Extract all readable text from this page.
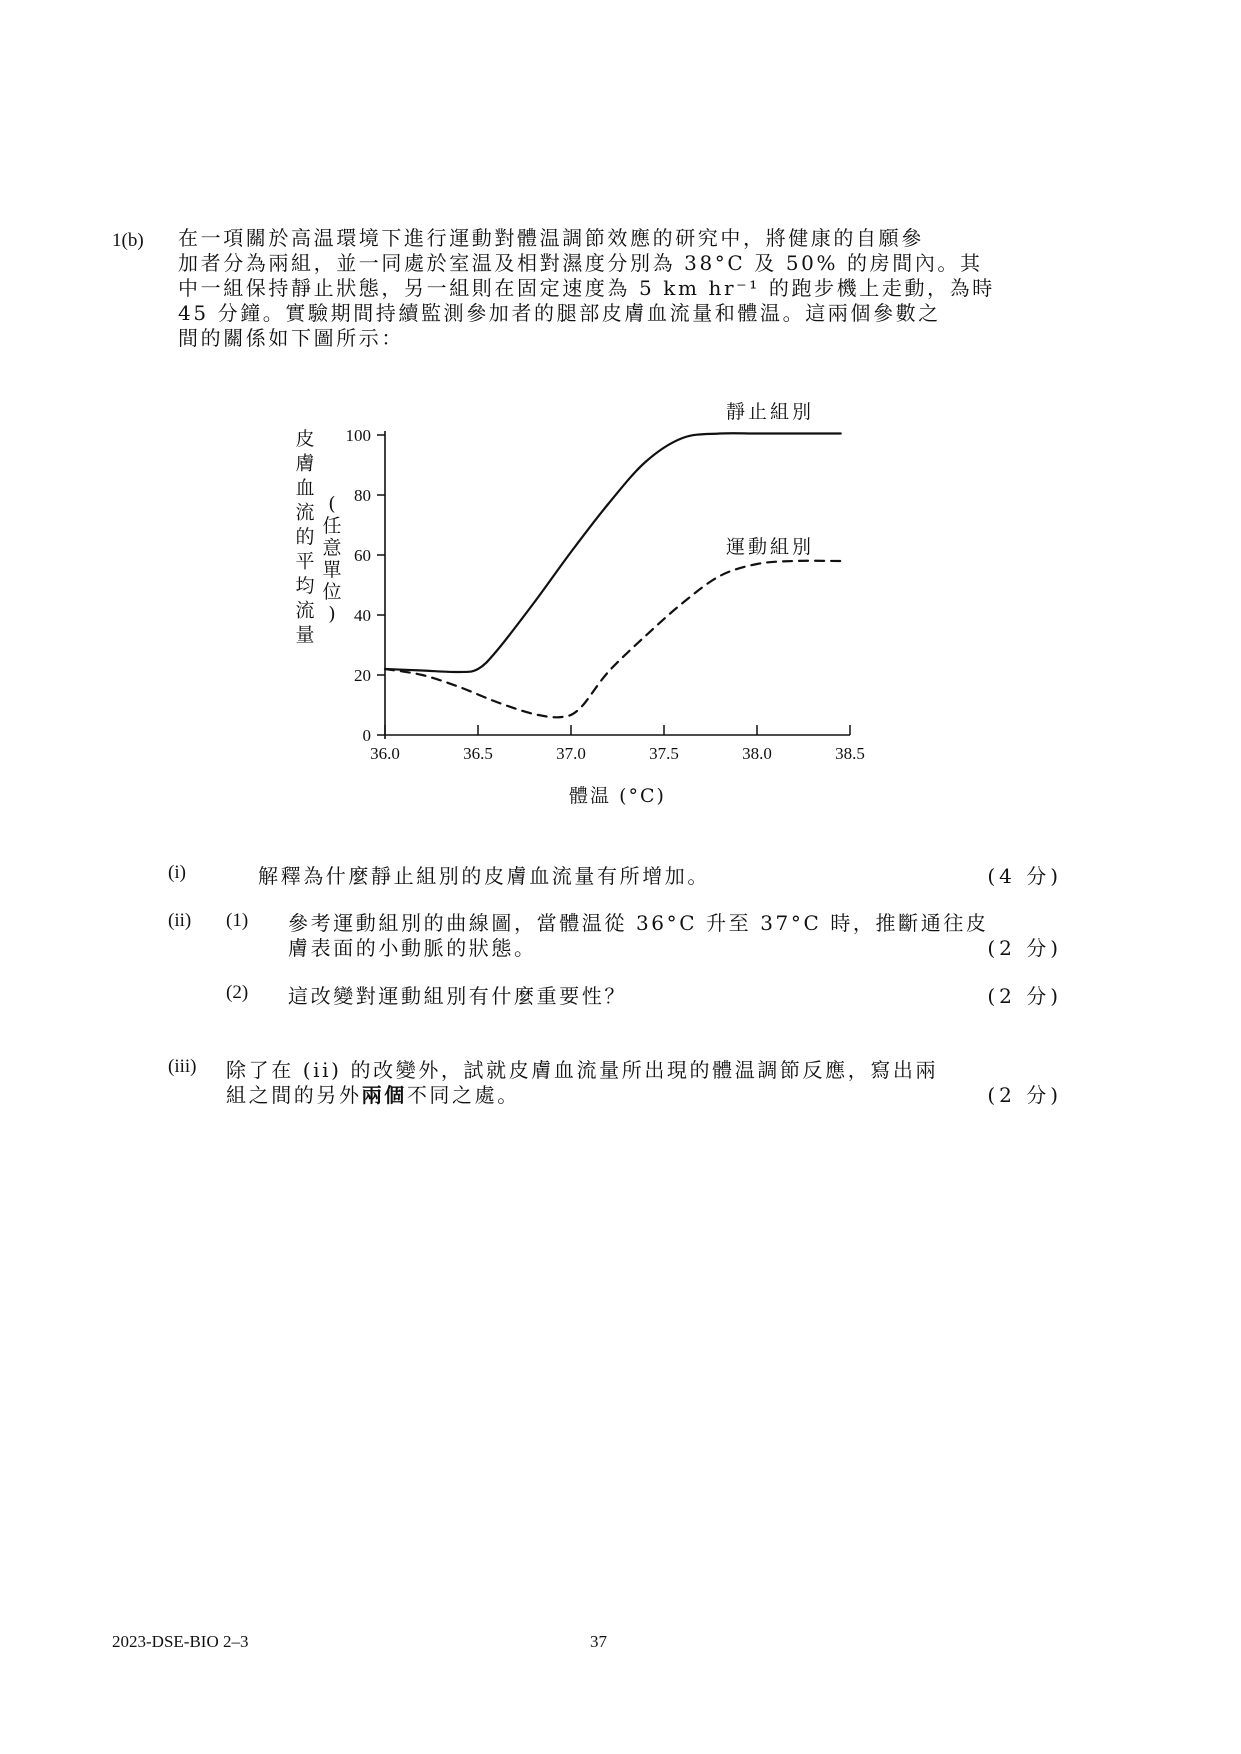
1(b) 在一項關於高温環境下進行運動對體温調節效應的研究中，將健康的自願參
加者分為兩組，並一同處於室温及相對濕度分別為 38°C 及 50% 的房間內。其
中一組保持靜止狀態，另一組則在固定速度為 5 km hr⁻¹ 的跑步機上走動，為時
45 分鐘。實驗期間持續監測參加者的腿部皮膚血流量和體温。這兩個參數之
間的關係如下圖所示：
36.0	36.5	37.0	37.5	38.0	38.5
0
20
40
60
80
100
靜止組別
運動組別
體温 (°C)
皮膚血流的平均流量
(任意單位)
(i)	解釋為什麼靜止組別的皮膚血流量有所增加。	(4 分)
(ii) (1) 參考運動組別的曲線圖，當體温從 36°C 升至 37°C 時，推斷通往皮
膚表面的小動脈的狀態。	(2 分)
(2) 這改變對運動組別有什麼重要性？	(2 分)
(iii) 除了在 (ii) 的改變外，試就皮膚血流量所出現的體温調節反應，寫出兩
組之間的另外兩個不同之處。	(2 分)
2023-DSE-BIO 2–3	37
